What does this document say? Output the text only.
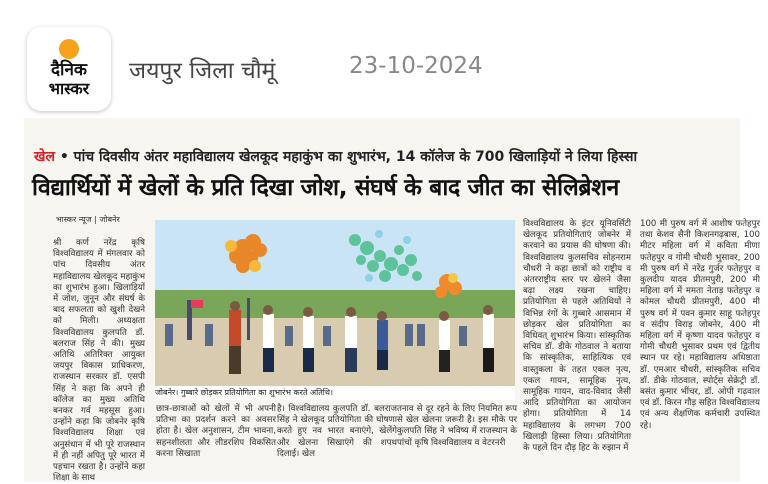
दैनिक
भास्कर
जयपुर जिला चौमूं	23-10-2024
खेल • पांच दिवसीय अंतर महाविद्यालय खेलकूद महाकुंभ का शुभारंभ, 14 कॉलेज के 700 खिलाड़ियों ने लिया हिस्सा
विद्यार्थियों में खेलों के प्रति दिखा जोश, संघर्ष के बाद जीत का सेलिब्रेशन
भास्कर न्यूज | जोबनेर
श्री कर्ण नरेंद्र कृषि विश्वविद्यालय में मंगलवार को पांच दिवसीय अंतर महाविद्यालय खेलकूद महाकुंभ का शुभारंभ हुआ। खिलाड़ियों में जोश, जुनून और संघर्ष के बाद सफलता को खुशी देखने को मिली। अध्यक्षता विश्वविद्यालय कुलपति डॉ. बलराज सिंह ने की। मुख्य अतिथि अतिरिक्त आयुक्त जयपुर विकास प्राधिकरण, राजस्थान सरकार डॉ. एसपी सिंह ने कहा कि अपने ही कॉलेज का मुख्य अतिथि बनकर गर्व महसूस हुआ। उन्होंने कहा कि जोबनेर कृषि विश्वविद्यालय शिक्षा एवं अनुसंधान में भी पूरे राजस्थान में ही नहीं अपितु पूरे भारत में पहचान रखता है। उन्होंने कहा शिक्षा के साथ
जोबनेर। गुब्बारे छोड़कर प्रतियोगिता का शुभारंभ करते अतिथि।
छात्र-छात्राओं को खेलों में भी अपनी प्रतिभा का प्रदर्शन करने का अवसर होता है। खेल अनुशासन, टीम भावना, सहनशीलता और लीडरशिप विकसित करना सिखाता
है। विश्वविद्यालय कुलपति डॉ. बलराज सिंह ने खेलकूद प्रतियोगिता की घोषणा करते हुए नव भारत बनाएंगे, खेलेंगे और खेलना सिखाएंगे की शपथ दिलाई। खेल
तनाव से दूर रहने के लिए नियमित रूप से खेल खेलना जरूरी है। इस मौके पर कुलपति सिंह ने भविष्य में राजस्थान के पांचों कृषि विश्वविद्यालय व वेटरनरी
विश्वविद्यालय के इंटर यूनिवर्सिटी खेलकूद प्रतियोगिताएं जोबनेर में करवाने का प्रयास की घोषणा की। विश्वविद्यालय कुलसचिव सोहनराम चौधरी ने कहा छात्रों को राष्ट्रीय व अंतरराष्ट्रीय स्तर पर खेलने जैसा बढ़ा लक्ष्य रखना चाहिए। प्रतियोगिता से पहले अतिथियों ने विभिन्न रंगों के गुब्बारे आसमान में छोड़कर खेल प्रतियोगिता का विधिवत् शुभारंभ किया। सांस्कृतिक सचिव डॉ. डीके गोठवाल ने बताया कि सांस्कृतिक, साहित्यिक एवं वास्तुकला के तहत एकल नृत्य, एकल गायन, सामूहिक नृत्य, सामूहिक गायन, वाद-विवाद जैसी आदि प्रतियोगिता का आयोजन होगा। प्रतियोगिता में 14 महाविद्यालय के लगभग 700 खिलाड़ी हिस्सा लिया। प्रतियोगिता के पहले दिन दौड़ हिट के रुझान में
100 मी पुरुष वर्ग में आशीष फतेहपुर तथा केशव सैनी किशनगढ़बास, 100 मीटर महिला वर्ग में कविता मीणा फतेहपुर व गोमी चौधरी भुसावर, 200 मी पुरुष वर्ग में नरेंद्र गुर्जर फतेहपुर व कुलदीप यादव प्रीतमपुरी, 200 मी महिला वर्ग में ममता नेताड़ फतेहपुर व कोमल चौधरी प्रीतमपुरी, 400 मी पुरुष वर्ग में पवन कुमार साहू फतेहपुर व संदीप विराड़ जोबनेर, 400 मी महिला वर्ग में कृष्णा यादव फतेहपुर व गोमी चौधरी भुसावर प्रथम एवं द्वितीय स्थान पर रहे। महाविद्यालय अधिष्ठाता डॉ. एमआर चौधरी, सांस्कृतिक सचिव डॉ. डीके गोठवाल, स्पोर्ट्स सेक्रेट्री डॉ. बसंत कुमार भींचर, डॉ. ओपी गढ़वाल एवं डॉ. किरन गौड़ सहित विश्वविद्यालय एवं अन्य शैक्षणिक कर्मचारी उपस्थित रहे।
